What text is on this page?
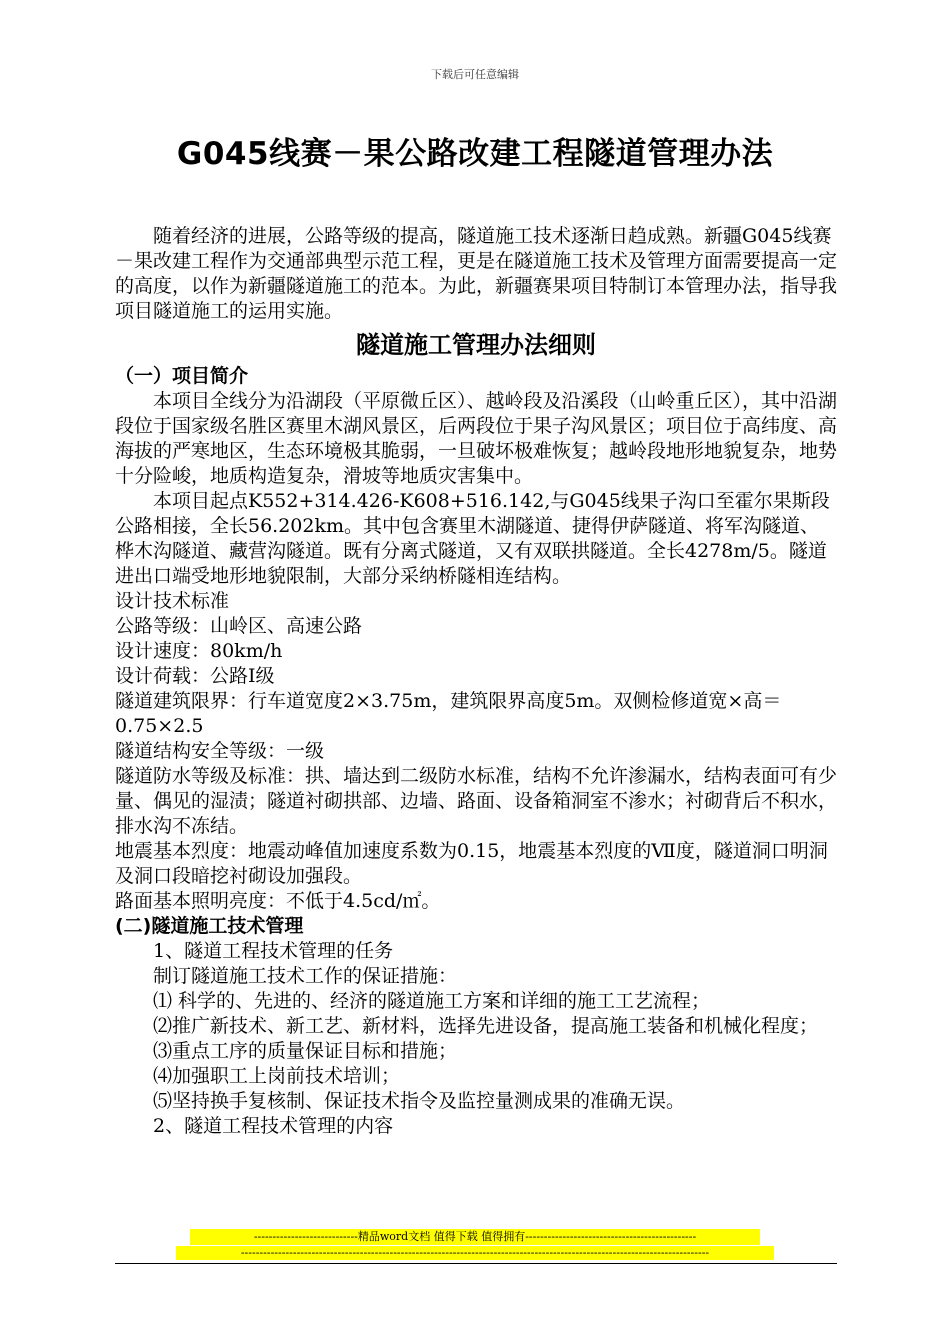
下载后可任意编辑
G045线赛－果公路改建工程隧道管理办法

随着经济的进展，公路等级的提高，隧道施工技术逐渐日趋成熟。新疆G045线赛－果改建工程作为交通部典型示范工程，更是在隧道施工技术及管理方面需要提高一定的高度，以作为新疆隧道施工的范本。为此，新疆赛果项目特制订本管理办法，指导我项目隧道施工的运用实施。

隧道施工管理办法细则

（一）项目简介

本项目全线分为沿湖段（平原微丘区）、越岭段及沿溪段（山岭重丘区），其中沿湖段位于国家级名胜区赛里木湖风景区，后两段位于果子沟风景区；项目位于高纬度、高海拔的严寒地区，生态环境极其脆弱，一旦破坏极难恢复；越岭段地形地貌复杂，地势十分险峻，地质构造复杂，滑坡等地质灾害集中。

本项目起点K552+314.426-K608+516.142,与G045线果子沟口至霍尔果斯段公路相接，全长56.202km。其中包含赛里木湖隧道、捷得伊萨隧道、将军沟隧道、桦木沟隧道、藏营沟隧道。既有分离式隧道，又有双联拱隧道。全长4278m/5。隧道进出口端受地形地貌限制，大部分采纳桥隧相连结构。

设计技术标准

公路等级：山岭区、高速公路

设计速度：80km/h

设计荷载：公路Ⅰ级

隧道建筑限界：行车道宽度2×3.75m，建筑限界高度5m。双侧检修道宽×高＝0.75×2.5

隧道结构安全等级：一级

隧道防水等级及标准：拱、墙达到二级防水标准，结构不允许渗漏水，结构表面可有少量、偶见的湿渍；隧道衬砌拱部、边墙、路面、设备箱洞室不渗水；衬砌背后不积水，排水沟不冻结。

地震基本烈度：地震动峰值加速度系数为0.15，地震基本烈度的Ⅶ度，隧道洞口明洞及洞口段暗挖衬砌设加强段。

路面基本照明亮度：不低于4.5cd/㎡。

(二)隧道施工技术管理

1、隧道工程技术管理的任务

制订隧道施工技术工作的保证措施：

⑴ 科学的、先进的、经济的隧道施工方案和详细的施工工艺流程；

⑵推广新技术、新工艺、新材料，选择先进设备，提高施工装备和机械化程度；

⑶重点工序的质量保证目标和措施；

⑷加强职工上岗前技术培训；

⑸坚持换手复核制、保证技术指令及监控量测成果的准确无误。

2、隧道工程技术管理的内容

----------------------------精品word文档 值得下载 值得拥有----------------------------------------------
------------------------------------------------------------------------------------------------------------------------------
